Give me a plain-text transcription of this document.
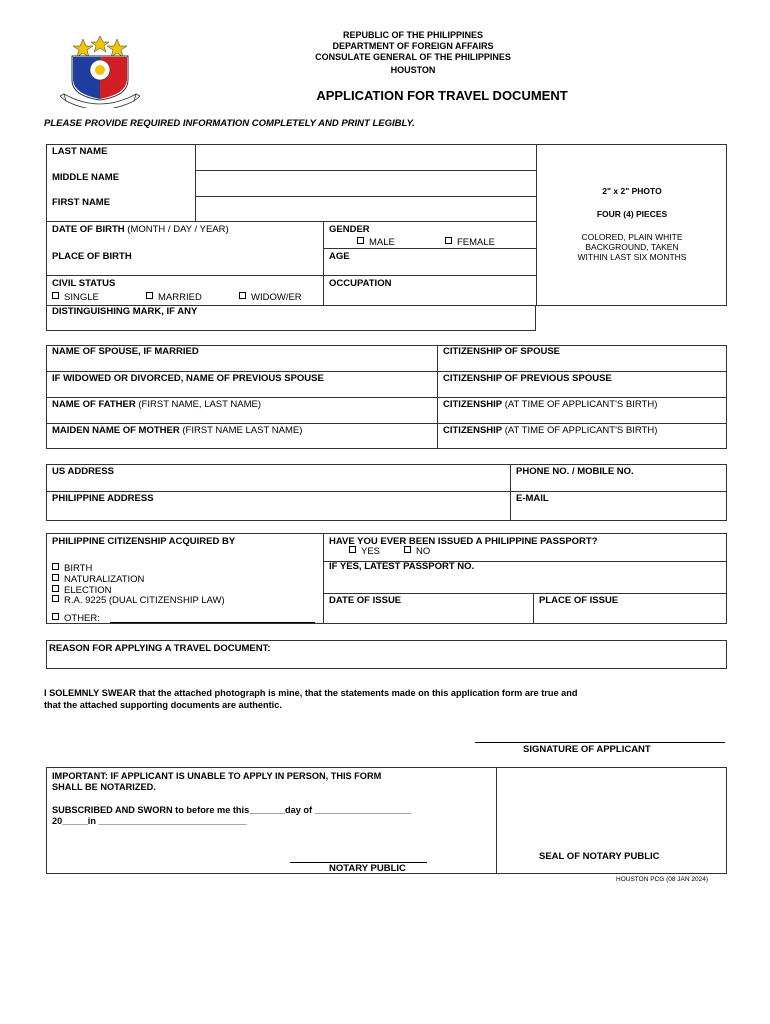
REPUBLIC OF THE PHILIPPINES
DEPARTMENT OF FOREIGN AFFAIRS
CONSULATE GENERAL OF THE PHILIPPINES
HOUSTON
APPLICATION FOR TRAVEL DOCUMENT
PLEASE PROVIDE REQUIRED INFORMATION COMPLETELY AND PRINT LEGIBLY.
LAST NAME
MIDDLE NAME
FIRST NAME
DATE OF BIRTH (MONTH / DAY / YEAR)	GENDER
MALE	FEMALE
PLACE OF BIRTH	AGE
CIVIL STATUS
SINGLE	MARRIED	WIDOW/ER
OCCUPATION
DISTINGUISHING MARK, IF ANY
2" x 2" PHOTO
FOUR (4) PIECES
COLORED, PLAIN WHITE
BACKGROUND, TAKEN
WITHIN LAST SIX MONTHS
NAME OF SPOUSE, IF MARRIED	CITIZENSHIP OF SPOUSE
IF WIDOWED OR DIVORCED, NAME OF PREVIOUS SPOUSE	CITIZENSHIP OF PREVIOUS SPOUSE
NAME OF FATHER (FIRST NAME, LAST NAME)	CITIZENSHIP (AT TIME OF APPLICANT'S BIRTH)
MAIDEN NAME OF MOTHER (FIRST NAME LAST NAME)	CITIZENSHIP (AT TIME OF APPLICANT'S BIRTH)
US ADDRESS	PHONE NO. / MOBILE NO.
PHILIPPINE ADDRESS	E-MAIL
PHILIPPINE CITIZENSHIP ACQUIRED BY
BIRTH
NATURALIZATION
ELECTION
R.A. 9225 (DUAL CITIZENSHIP LAW)
OTHER:
HAVE YOU EVER BEEN ISSUED A PHILIPPINE PASSPORT?
YES	NO
IF YES, LATEST PASSPORT NO.
DATE OF ISSUE	PLACE OF ISSUE
REASON FOR APPLYING A TRAVEL DOCUMENT:
I SOLEMNLY SWEAR that the attached photograph is mine, that the statements made on this application form are true and
that the attached supporting documents are authentic.
SIGNATURE OF APPLICANT
IMPORTANT: IF APPLICANT IS UNABLE TO APPLY IN PERSON, THIS FORM
SHALL BE NOTARIZED.
SUBSCRIBED AND SWORN to before me this_______day of ___________________
20_____in _____________________________
NOTARY PUBLIC
SEAL OF NOTARY PUBLIC
HOUSTON PCG (08 JAN 2024)
